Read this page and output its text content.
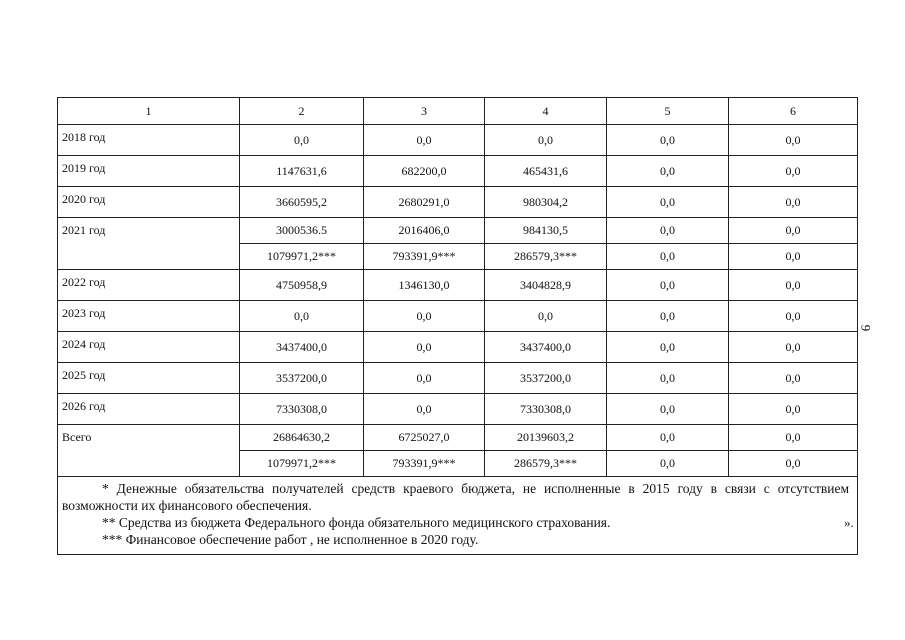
1	2	3	4	5	6
2018 год	0,0	0,0	0,0	0,0	0,0
2019 год	1147631,6	682200,0	465431,6	0,0	0,0
2020 год	3660595,2	2680291,0	980304,2	0,0	0,0
2021 год	3000536.5	2016406,0	984130,5	0,0	0,0
	1079971,2***	793391,9***	286579,3***	0,0	0,0
2022 год	4750958,9	1346130,0	3404828,9	0,0	0,0
2023 год	0,0	0,0	0,0	0,0	0,0
2024 год	3437400,0	0,0	3437400,0	0,0	0,0
2025 год	3537200,0	0,0	3537200,0	0,0	0,0
2026 год	7330308,0	0,0	7330308,0	0,0	0,0
Всего	26864630,2	6725027,0	20139603,2	0,0	0,0
	1079971,2***	793391,9***	286579,3***	0,0	0,0

* Денежные обязательства получателей средств краевого бюджета, не исполненные в 2015 году в связи с отсутствием возможности их финансового обеспечения.
** Средства из бюджета Федерального фонда обязательного медицинского страхования.
*** Финансовое обеспечение работ , не исполненное в 2020 году.					
9
».
